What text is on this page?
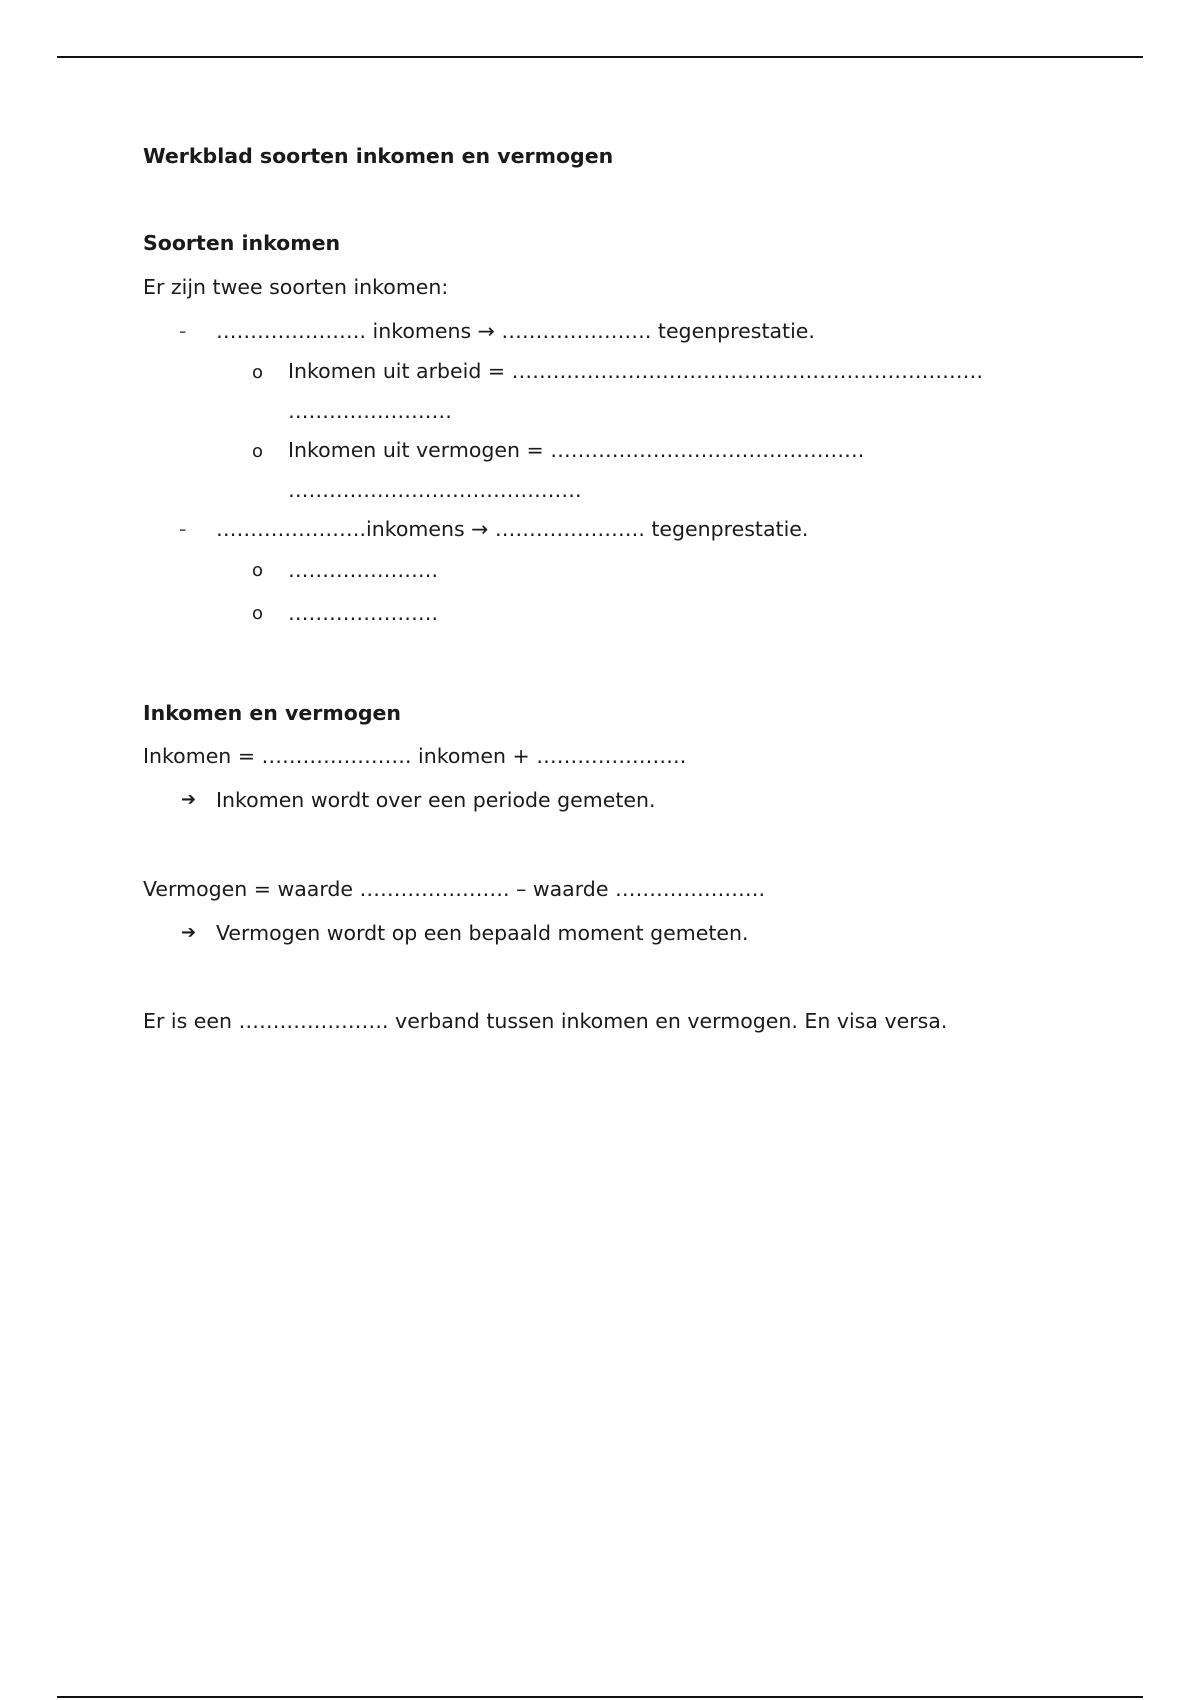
Werkblad soorten inkomen en vermogen
Soorten inkomen
Er zijn twee soorten inkomen:
- …………………. inkomens → …………………. tegenprestatie.
o Inkomen uit arbeid = ……………………………………………………………
……………………
o Inkomen uit vermogen = ……………………………………….
…………………………………….
- ………………….inkomens → …………………. tegenprestatie.
o ………………….
o ………………….
Inkomen en vermogen
Inkomen = …………………. inkomen + ………………….
➔ Inkomen wordt over een periode gemeten.
Vermogen = waarde …………………. – waarde ………………….
➔ Vermogen wordt op een bepaald moment gemeten.
Er is een …………………. verband tussen inkomen en vermogen. En visa versa.
